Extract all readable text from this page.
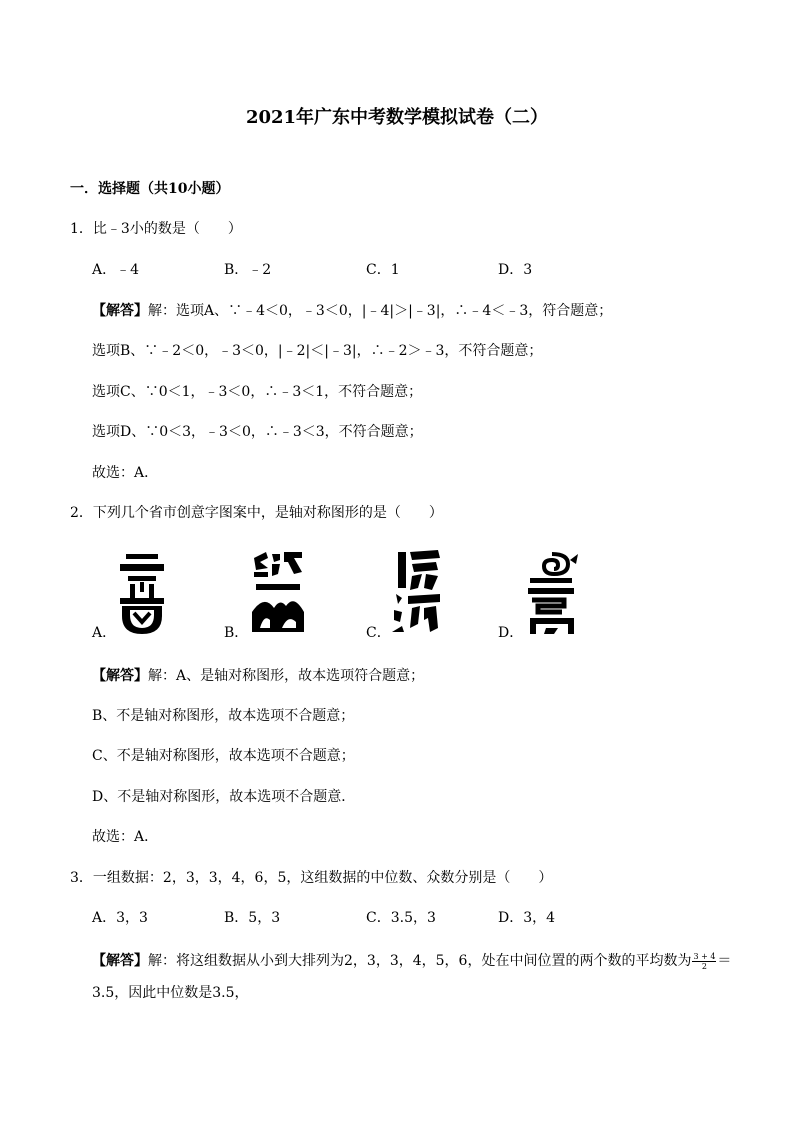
2021年广东中考数学模拟试卷（二）
一．选择题（共10小题）
1．比﹣3小的数是（　　）
A．﹣4	B．﹣2	C．1	D．3
【解答】解：选项A、∵﹣4＜0，﹣3＜0，|﹣4|＞|﹣3|，∴﹣4＜﹣3，符合题意；
选项B、∵﹣2＜0，﹣3＜0，|﹣2|＜|﹣3|，∴﹣2＞﹣3，不符合题意；
选项C、∵0＜1，﹣3＜0，∴﹣3＜1，不符合题意；
选项D、∵0＜3，﹣3＜0，∴﹣3＜3，不符合题意；
故选：A．
2．下列几个省市创意字图案中，是轴对称图形的是（　　）
A．	B．	C．	D．
【解答】解：A、是轴对称图形，故本选项符合题意；
B、不是轴对称图形，故本选项不合题意；
C、不是轴对称图形，故本选项不合题意；
D、不是轴对称图形，故本选项不合题意．
故选：A．
3．一组数据：2，3，3，4，6，5，这组数据的中位数、众数分别是（　　）
A．3，3	B．5，3	C．3.5，3	D．3，4
【解答】解：将这组数据从小到大排列为2，3，3，4，5，6，处在中间位置的两个数的平均数为 $\frac{3 + 4}{2}$ ＝
3.5，因此中位数是3.5，
